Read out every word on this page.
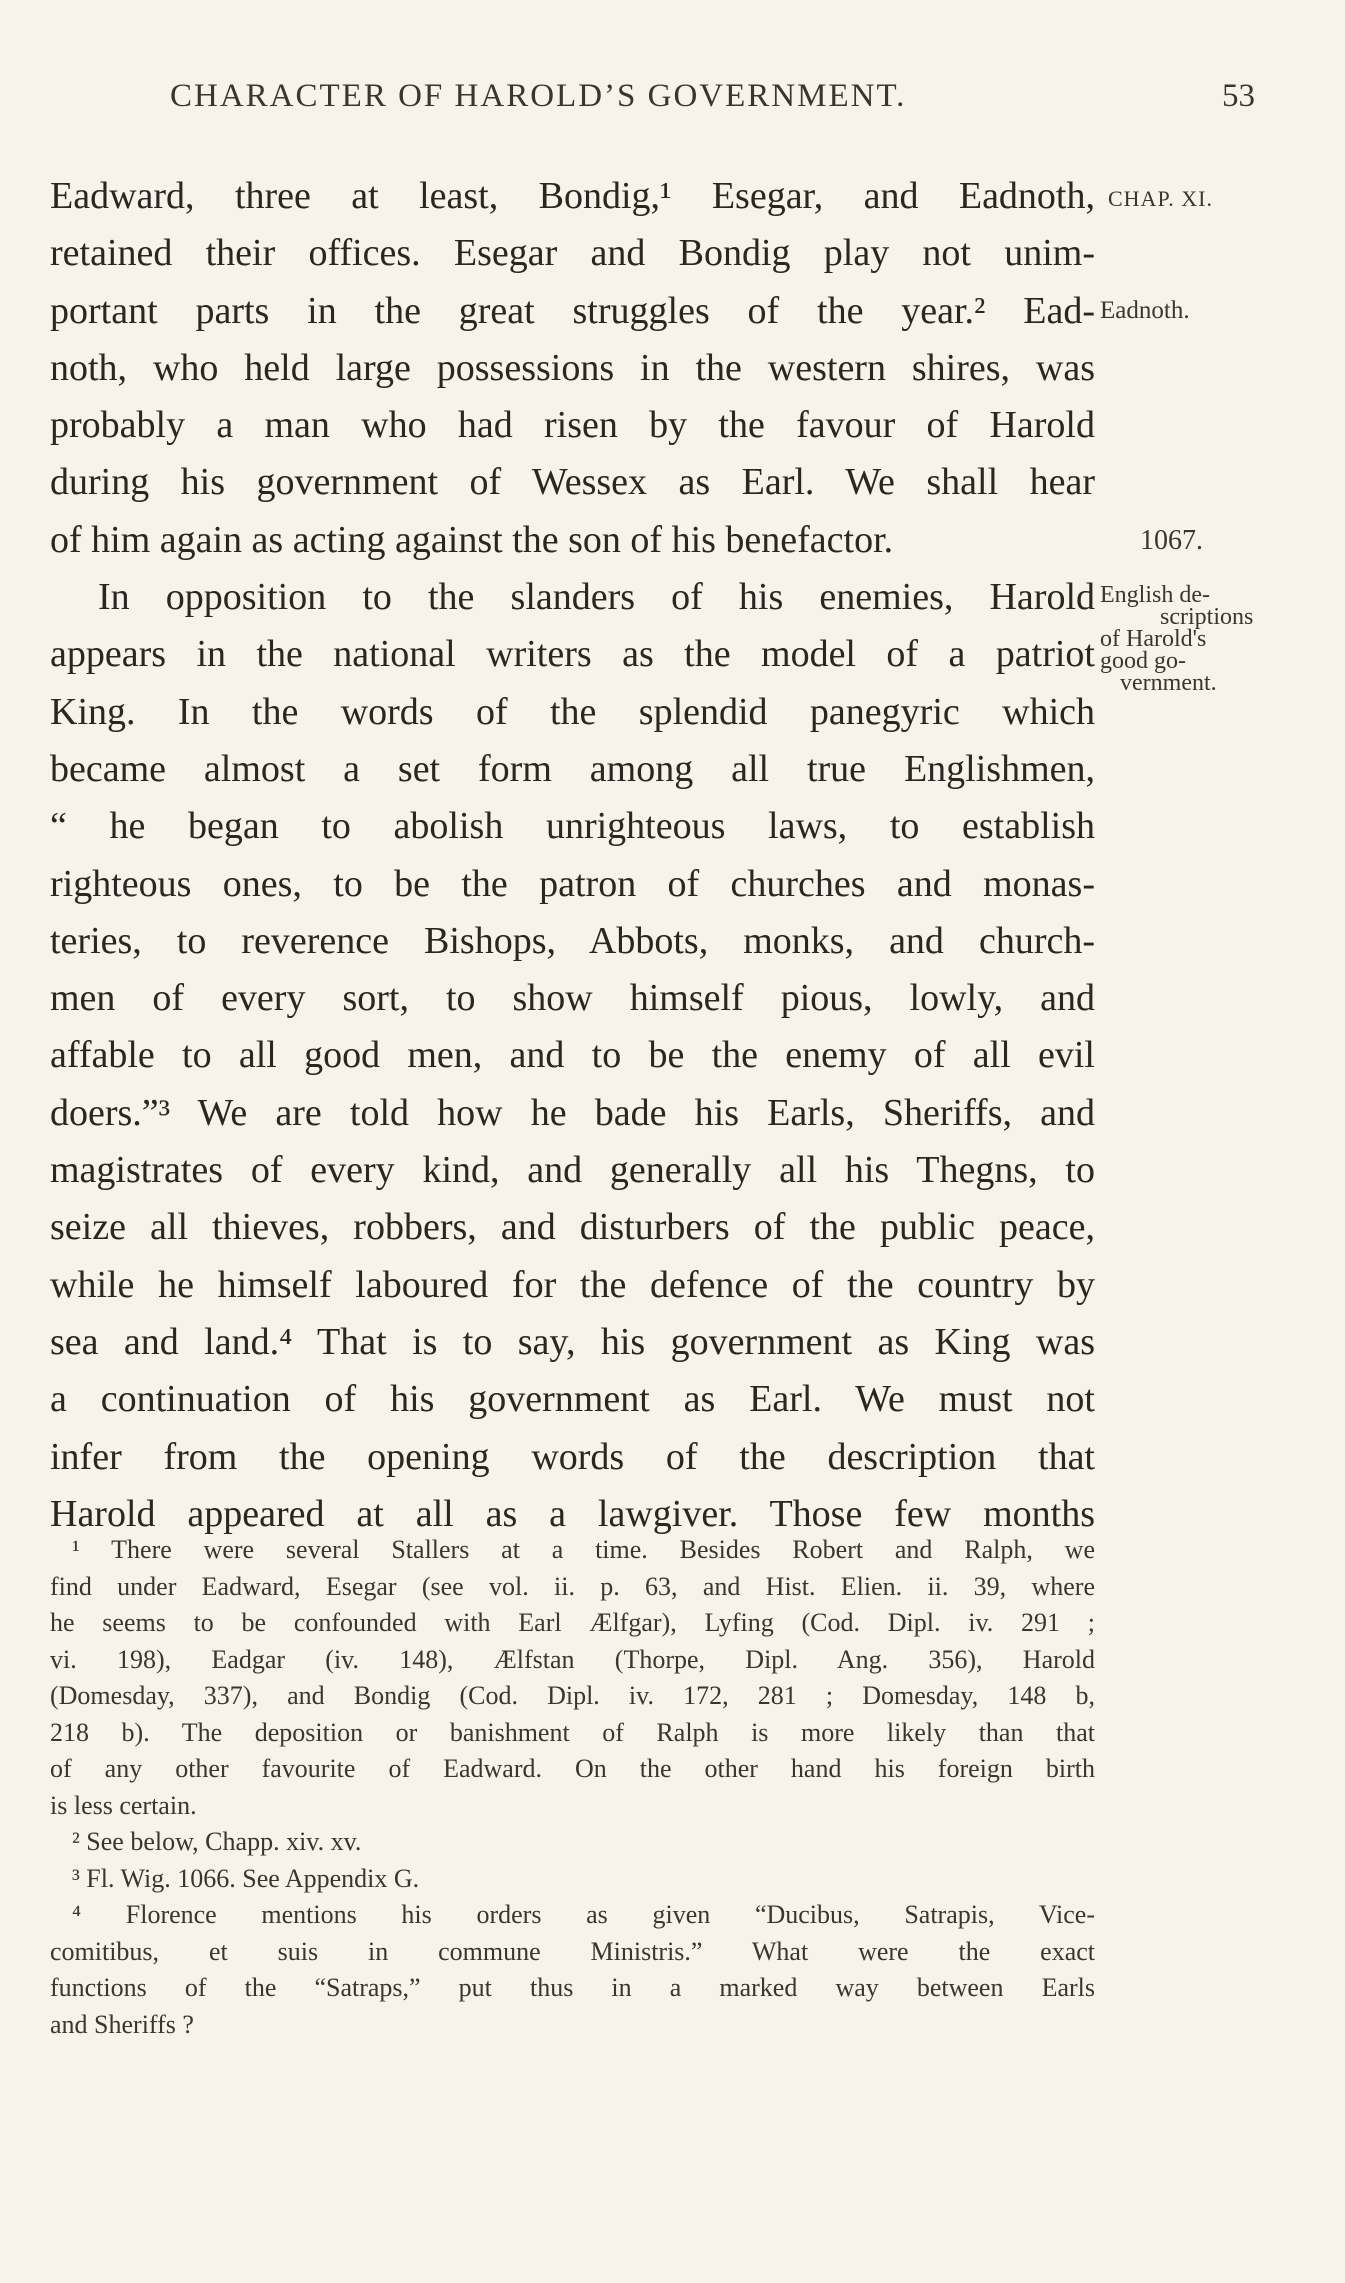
CHARACTER OF HAROLD’S GOVERNMENT.	53
Eadward, three at least, Bondig,¹ Esegar, and Eadnoth,
retained their offices. Esegar and Bondig play not unim-
portant parts in the great struggles of the year.² Ead-
noth, who held large possessions in the western shires, was
probably a man who had risen by the favour of Harold
during his government of Wessex as Earl. We shall hear
of him again as acting against the son of his benefactor.
In opposition to the slanders of his enemies, Harold
appears in the national writers as the model of a patriot
King. In the words of the splendid panegyric which
became almost a set form among all true Englishmen,
“ he began to abolish unrighteous laws, to establish
righteous ones, to be the patron of churches and monas-
teries, to reverence Bishops, Abbots, monks, and church-
men of every sort, to show himself pious, lowly, and
affable to all good men, and to be the enemy of all evil
doers.”³ We are told how he bade his Earls, Sheriffs, and
magistrates of every kind, and generally all his Thegns, to
seize all thieves, robbers, and disturbers of the public peace,
while he himself laboured for the defence of the country by
sea and land.⁴ That is to say, his government as King was
a continuation of his government as Earl. We must not
infer from the opening words of the description that
Harold appeared at all as a lawgiver. Those few months
CHAP. XI.
Eadnoth.
1067.
English de-
scriptions
of Harold's
good go-
vernment.
¹ There were several Stallers at a time. Besides Robert and Ralph, we
find under Eadward, Esegar (see vol. ii. p. 63, and Hist. Elien. ii. 39, where
he seems to be confounded with Earl Ælfgar), Lyfing (Cod. Dipl. iv. 291 ;
vi. 198), Eadgar (iv. 148), Ælfstan (Thorpe, Dipl. Ang. 356), Harold
(Domesday, 337), and Bondig (Cod. Dipl. iv. 172, 281 ; Domesday, 148 b,
218 b). The deposition or banishment of Ralph is more likely than that
of any other favourite of Eadward. On the other hand his foreign birth
is less certain.
² See below, Chapp. xiv. xv.
³ Fl. Wig. 1066. See Appendix G.
⁴ Florence mentions his orders as given “Ducibus, Satrapis, Vice-
comitibus, et suis in commune Ministris.” What were the exact
functions of the “Satraps,” put thus in a marked way between Earls
and Sheriffs ?
